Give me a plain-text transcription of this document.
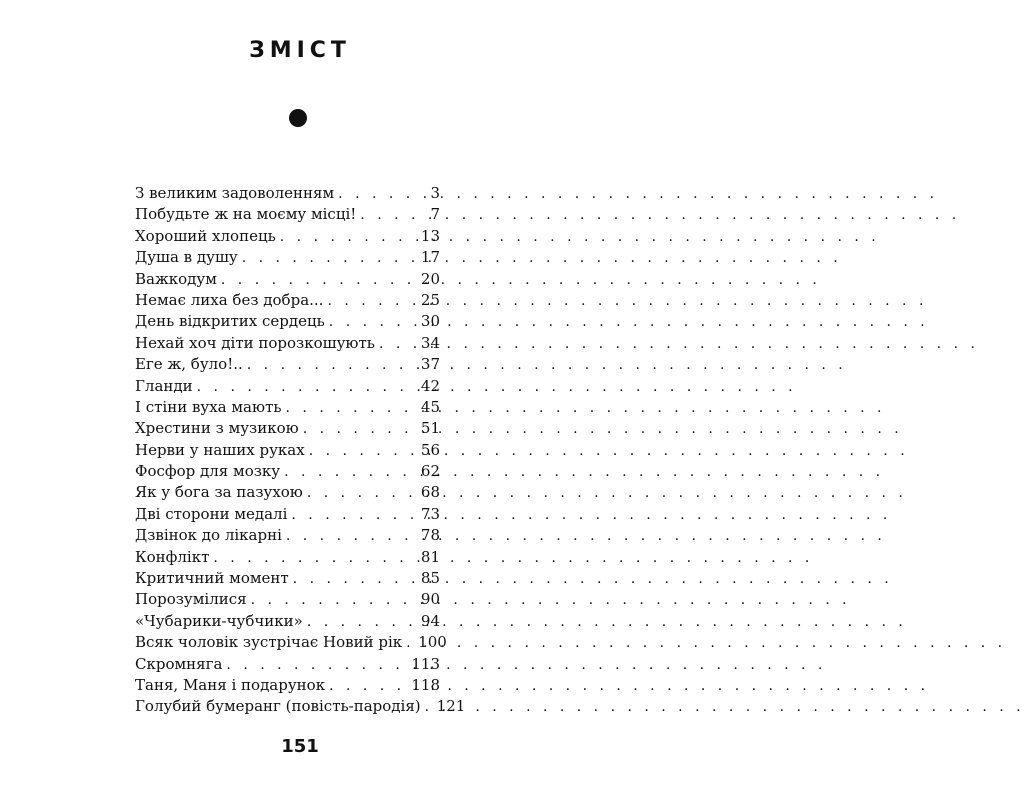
ЗМІСТ
З великим задоволенням . . .	3
Побудьте ж на моєму місці! . . .	7
Хороший хлопець . . .	13
Душа в душу . . .	17
Важкодум . . .	20
Немає лиха без добра... . . .	25
День відкритих сердець . . .	30
Нехай хоч діти порозкошують . . .	34
Еге ж, було!.. . . .	37
Гланди . . .	42
І стіни вуха мають . . .	45
Хрестини з музикою . . .	51
Нерви у наших руках . . .	56
Фосфор для мозку . . .	62
Як у бога за пазухою . . .	68
Дві сторони медалі . . .	73
Дзвінок до лікарні . . .	78
Конфлікт . . .	81
Критичний момент . . .	85
Порозумілися . . .	90
«Чубарики-чубчики» . . .	94
Всяк чоловік зустрічає Новий рік . . . 100
Скромняга . . .	113
Таня, Маня і подарунок . . .	118
Голубий бумеранг (повість-пародія) . . . 121
151
